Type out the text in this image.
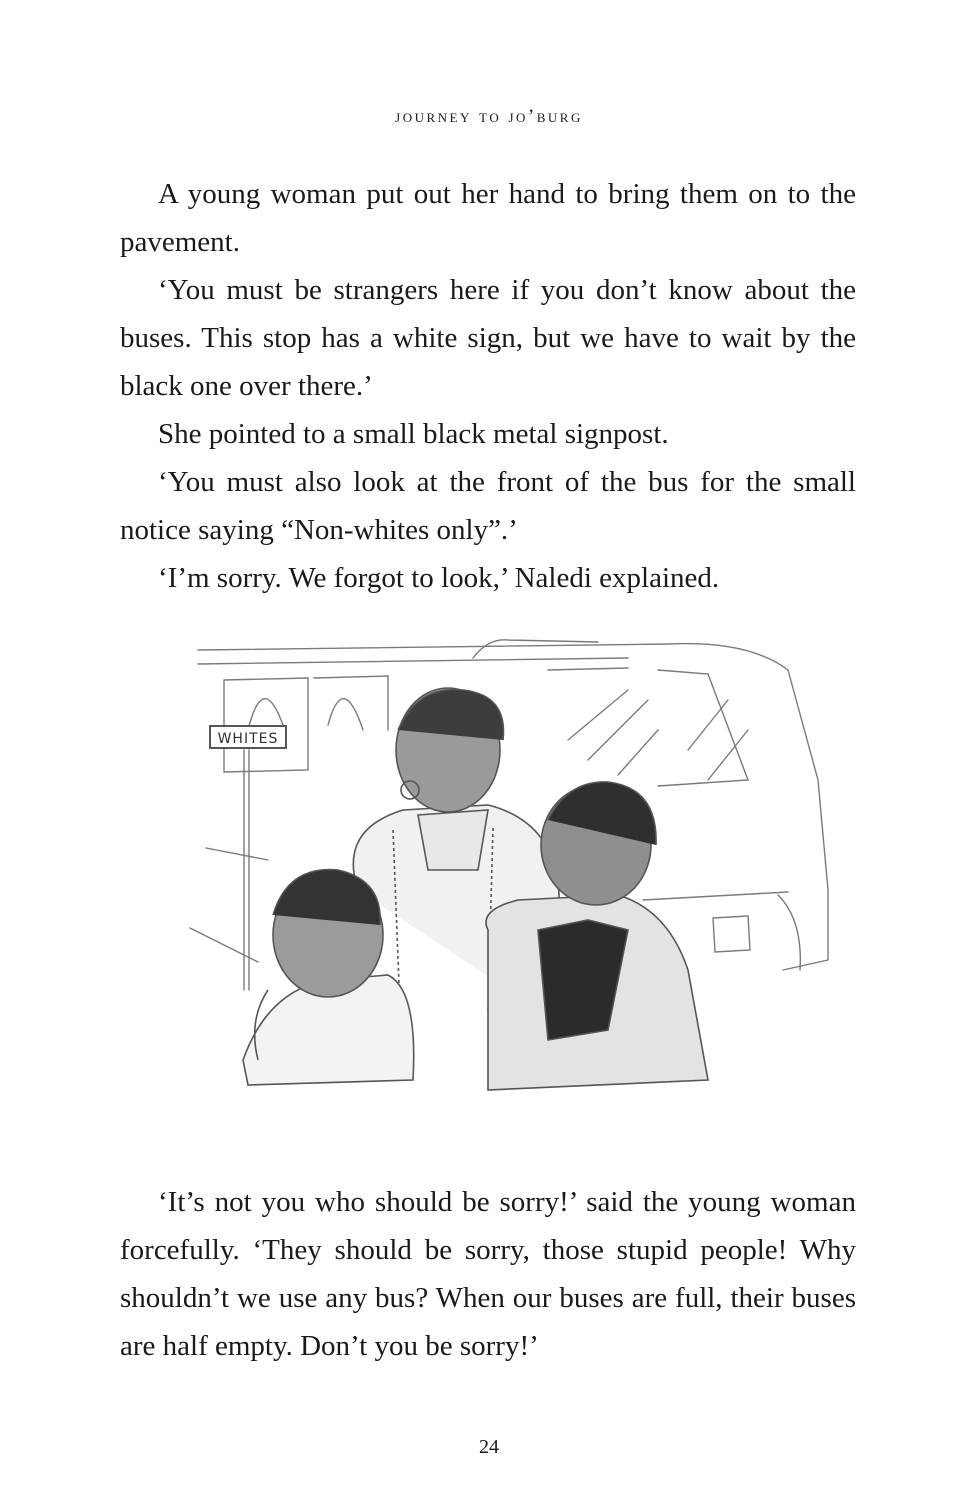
journey to jo’burg

A young woman put out her hand to bring them on to the pavement.

‘You must be strangers here if you don’t know about the buses. This stop has a white sign, but we have to wait by the black one over there.’

She pointed to a small black metal signpost.

‘You must also look at the front of the bus for the small notice saying “Non-whites only”.’

‘I’m sorry. We forgot to look,’ Naledi explained.

WHITES

‘It’s not you who should be sorry!’ said the young woman forcefully. ‘They should be sorry, those stupid people! Why shouldn’t we use any bus? When our buses are full, their buses are half empty. Don’t you be sorry!’

24
